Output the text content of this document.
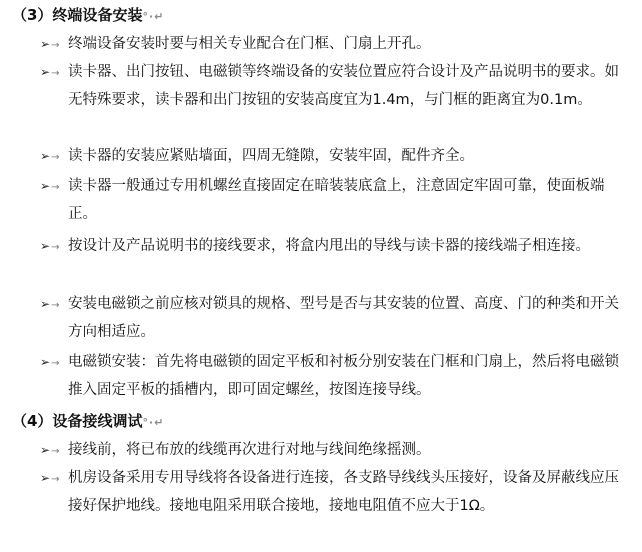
（3）终端设备安装°·↵
➢→ 终端设备安装时要与相关专业配合在门框、门扇上开孔。
➢→ 读卡器、出门按钮、电磁锁等终端设备的安装位置应符合设计及产品说明书的要求。如无特殊要求，读卡器和出门按钮的安装高度宜为1.4m，与门框的距离宜为0.1m。
➢→ 读卡器的安装应紧贴墙面，四周无缝隙，安装牢固，配件齐全。
➢→ 读卡器一般通过专用机螺丝直接固定在暗装装底盒上，注意固定牢固可靠，使面板端正。
➢→ 按设计及产品说明书的接线要求，将盒内甩出的导线与读卡器的接线端子相连接。
➢→ 安装电磁锁之前应核对锁具的规格、型号是否与其安装的位置、高度、门的种类和开关方向相适应。
➢→ 电磁锁安装：首先将电磁锁的固定平板和衬板分别安装在门框和门扇上，然后将电磁锁推入固定平板的插槽内，即可固定螺丝，按图连接导线。
（4）设备接线调试°·↵
➢→ 接线前，将已布放的线缆再次进行对地与线间绝缘摇测。
➢→ 机房设备采用专用导线将各设备进行连接，各支路导线线头压接好，设备及屏蔽线应压接好保护地线。接地电阻采用联合接地，接地电阻值不应大于1Ω。
